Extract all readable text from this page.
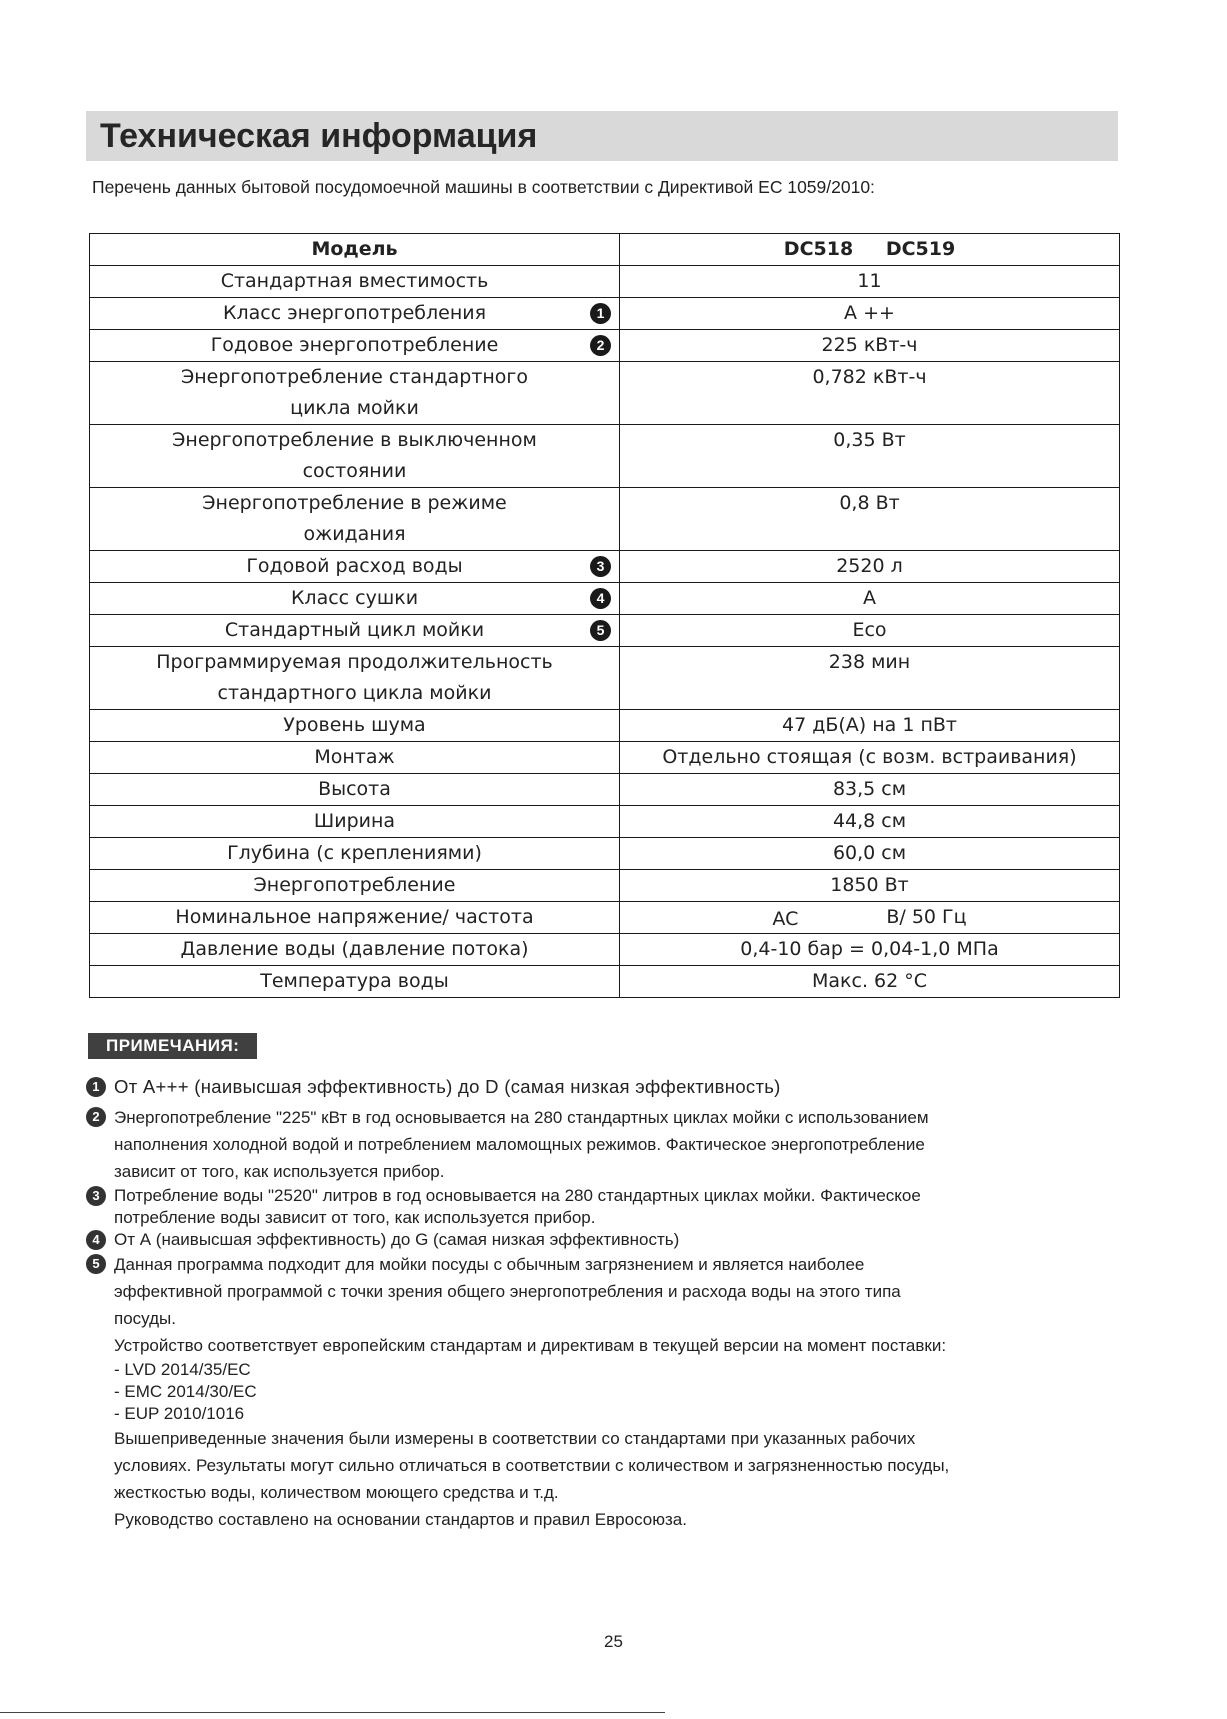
Техническая информация
Перечень данных бытовой посудомоечной машины в соответствии с Директивой ЕС 1059/2010:
Модель	DC518 DC519
Стандартная вместимость	11
Класс энергопотребления 1	A ++
Годовое энергопотребление 2	225 кВт-ч
Энергопотребление стандартного цикла мойки	0,782 кВт-ч
Энергопотребление в выключенном состоянии	0,35 Вт
Энергопотребление в режиме ожидания	0,8 Вт
Годовой расход воды 3	2520 л
Класс сушки 4	A
Стандартный цикл мойки 5	Eco
Программируемая продолжительность стандартного цикла мойки	238 мин
Уровень шума	47 дБ(А) на 1 пВт
Монтаж	Отдельно стоящая (с возм. встраивания)
Высота	83,5 см
Ширина	44,8 см
Глубина (с креплениями)	60,0 см
Энергопотребление	1850 Вт
Номинальное напряжение/ частота	AC В/ 50 Гц
Давление воды (давление потока)	0,4-10 бар = 0,04-1,0 МПа
Температура воды	Макс. 62 °С
ПРИМЕЧАНИЯ:
1 От А+++ (наивысшая эффективность) до D (самая низкая эффективность)
2 Энергопотребление "225" кВт в год основывается на 280 стандартных циклах мойки с использованием
наполнения холодной водой и потреблением маломощных режимов. Фактическое энергопотребление
зависит от того, как используется прибор.
3 Потребление воды "2520" литров в год основывается на 280 стандартных циклах мойки. Фактическое
потребление воды зависит от того, как используется прибор.
4 От А (наивысшая эффективность) до G (самая низкая эффективность)
5 Данная программа подходит для мойки посуды с обычным загрязнением и является наиболее
эффективной программой с точки зрения общего энергопотребления и расхода воды на этого типа
посуды.
Устройство соответствует европейским стандартам и директивам в текущей версии на момент поставки:
- LVD 2014/35/EC
- EMC 2014/30/EC
- EUP 2010/1016
Вышеприведенные значения были измерены в соответствии со стандартами при указанных рабочих
условиях. Результаты могут сильно отличаться в соответствии с количеством и загрязненностью посуды,
жесткостью воды, количеством моющего средства и т.д.
Руководство составлено на основании стандартов и правил Евросоюза.
25
